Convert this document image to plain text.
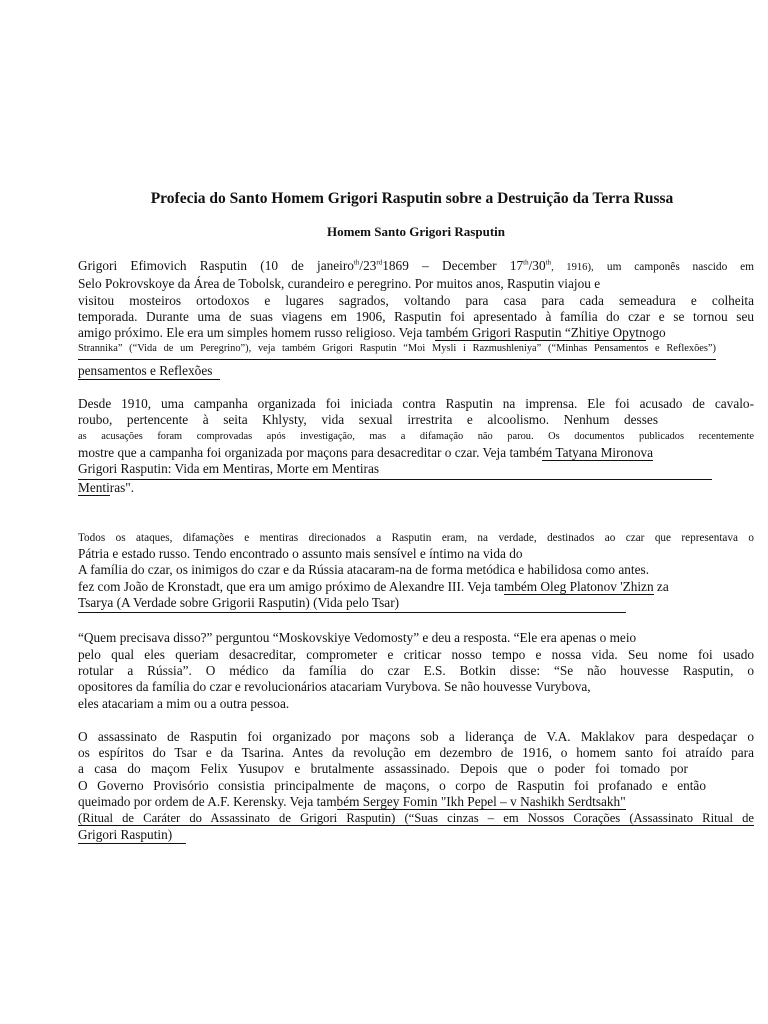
Profecia do Santo Homem Grigori Rasputin sobre a Destruição da Terra Russa
Homem Santo Grigori Rasputin
Grigori Efimovich Rasputin (10 de janeiro$^{th}$/23rd1869 – December 17th/30th, 1916), um camponês nascido em
Selo Pokrovskoye da Área de Tobolsk, curandeiro e peregrino. Por muitos anos, Rasputin viajou e
visitou mosteiros ortodoxos e lugares sagrados, voltando para casa para cada semeadura e colheita
temporada. Durante uma de suas viagens em 1906, Rasputin foi apresentado à família do czar e se tornou seu
amigo próximo. Ele era um simples homem russo religioso. Veja também Grigori Rasputin “Zhitiye Opytnogo
Strannika” (“Vida de um Peregrino”), veja também Grigori Rasputin “Moi Mysli i Razmushleniya” (“Minhas Pensamentos e Reflexões”)
pensamentos e Reflexões
Desde 1910, uma campanha organizada foi iniciada contra Rasputin na imprensa. Ele foi acusado de cavalo-
roubo, pertencente à seita Khlysty, vida sexual irrestrita e alcoolismo. Nenhum desses
as acusações foram comprovadas após investigação, mas a difamação não parou. Os documentos publicados recentemente
mostre que a campanha foi organizada por maçons para desacreditar o czar. Veja também Tatyana Mironova
Grigori Rasputin: Vida em Mentiras, Morte em Mentiras
Mentiras".
Todos os ataques, difamações e mentiras direcionados a Rasputin eram, na verdade, destinados ao czar que representava o
Pátria e estado russo. Tendo encontrado o assunto mais sensível e íntimo na vida do
A família do czar, os inimigos do czar e da Rússia atacaram-na de forma metódica e habilidosa como antes.
fez com João de Kronstadt, que era um amigo próximo de Alexandre III. Veja também Oleg Platonov 'Zhizn za
Tsarya (A Verdade sobre Grigorii Rasputin) (Vida pelo Tsar)
“Quem precisava disso?” perguntou “Moskovskiye Vedomosty” e deu a resposta. “Ele era apenas o meio
pelo qual eles queriam desacreditar, comprometer e criticar nosso tempo e nossa vida. Seu nome foi usado
rotular a Rússia”. O médico da família do czar E.S. Botkin disse: “Se não houvesse Rasputin, o
opositores da família do czar e revolucionários atacariam Vurybova. Se não houvesse Vurybova,
eles atacariam a mim ou a outra pessoa.
O assassinato de Rasputin foi organizado por maçons sob a liderança de V.A. Maklakov para despedaçar o
os espíritos do Tsar e da Tsarina. Antes da revolução em dezembro de 1916, o homem santo foi atraído para
a casa do maçom Felix Yusupov e brutalmente assassinado. Depois que o poder foi tomado por
O Governo Provisório consistia principalmente de maçons, o corpo de Rasputin foi profanado e então
queimado por ordem de A.F. Kerensky. Veja também Sergey Fomin "Ikh Pepel – v Nashikh Serdtsakh"
(Ritual de Caráter do Assassinato de Grigori Rasputin) (“Suas cinzas – em Nossos Corações (Assassinato Ritual de
Grigori Rasputin)
